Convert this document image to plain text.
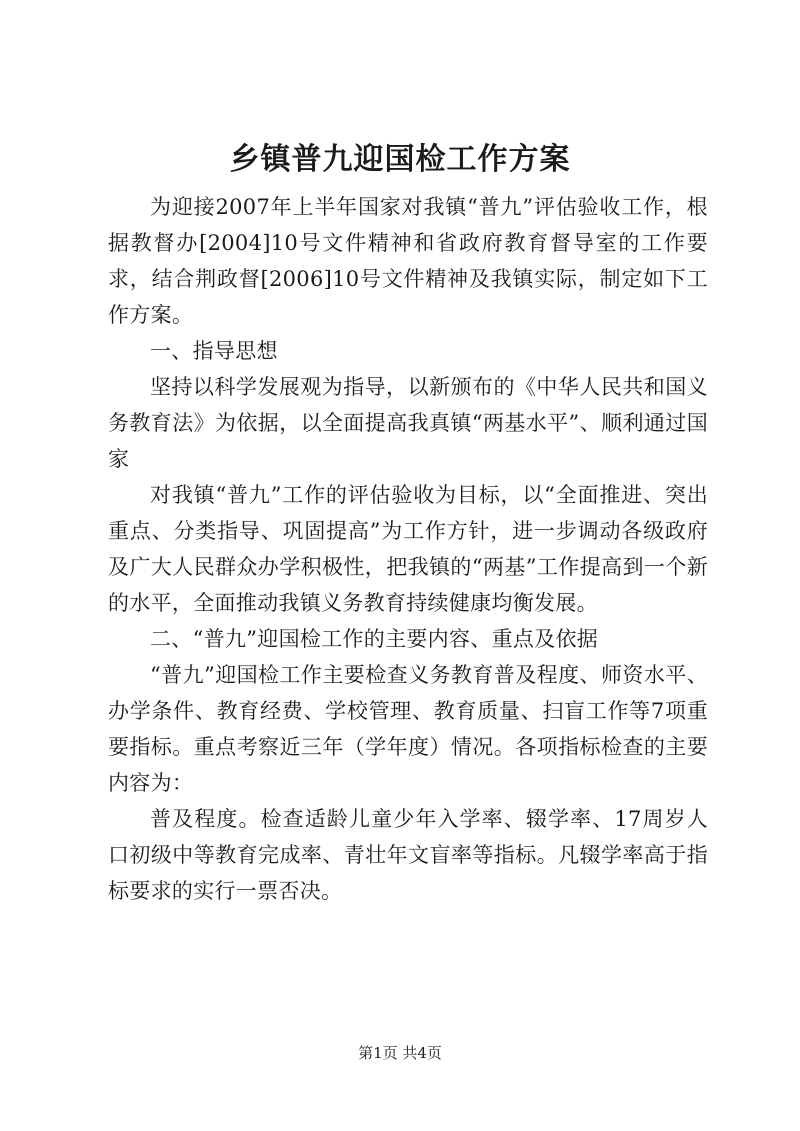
乡镇普九迎国检工作方案

为迎接2007年上半年国家对我镇“普九”评估验收工作，根据教督办[2004]10号文件精神和省政府教育督导室的工作要求，结合荆政督[2006]10号文件精神及我镇实际，制定如下工作方案。

一、指导思想

坚持以科学发展观为指导，以新颁布的《中华人民共和国义务教育法》为依据，以全面提高我真镇“两基水平”、顺利通过国家

对我镇“普九”工作的评估验收为目标，以“全面推进、突出重点、分类指导、巩固提高”为工作方针，进一步调动各级政府及广大人民群众办学积极性，把我镇的“两基”工作提高到一个新的水平，全面推动我镇义务教育持续健康均衡发展。

二、“普九”迎国检工作的主要内容、重点及依据

“普九”迎国检工作主要检查义务教育普及程度、师资水平、办学条件、教育经费、学校管理、教育质量、扫盲工作等7项重要指标。重点考察近三年（学年度）情况。各项指标检查的主要内容为：

普及程度。检查适龄儿童少年入学率、辍学率、17周岁人口初级中等教育完成率、青壮年文盲率等指标。凡辍学率高于指标要求的实行一票否决。

第1页 共4页
